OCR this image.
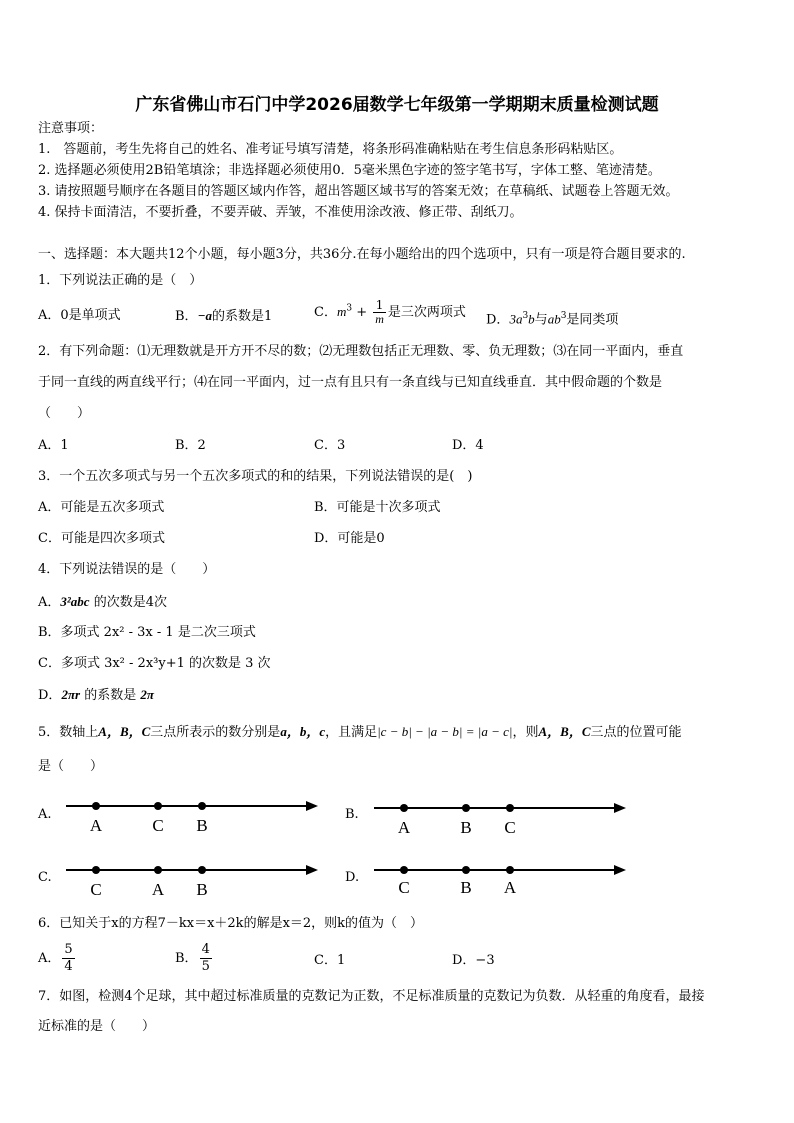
广东省佛山市石门中学2026届数学七年级第一学期期末质量检测试题
注意事项：
1.　答题前，考生先将自己的姓名、准考证号填写清楚，将条形码准确粘贴在考生信息条形码粘贴区。
2. 选择题必须使用2B铅笔填涂；非选择题必须使用0．5毫米黑色字迹的签字笔书写，字体工整、笔迹清楚。
3. 请按照题号顺序在各题目的答题区域内作答，超出答题区域书写的答案无效；在草稿纸、试题卷上答题无效。
4. 保持卡面清洁，不要折叠，不要弄破、弄皱，不准使用涂改液、修正带、刮纸刀。
一、选择题：本大题共12个小题，每小题3分，共36分.在每小题给出的四个选项中，只有一项是符合题目要求的.
1．下列说法正确的是（　）
A．0是单项式	B．−a的系数是1	C．$m^3 + \frac{1}{m}$ 是三次两项式 D．$3a^3b$与$ab^3$是同类项
2．有下列命题：⑴无理数就是开方开不尽的数；⑵无理数包括正无理数、零、负无理数；⑶在同一平面内，垂直
于同一直线的两直线平行；⑷在同一平面内，过一点有且只有一条直线与已知直线垂直．其中假命题的个数是
（　　）
A．1	B．2	C．3	D．4
3．一个五次多项式与另一个五次多项式的和的结果，下列说法错误的是(　)
A．可能是五次多项式	B．可能是十次多项式
C．可能是四次多项式	D．可能是0
4．下列说法错误的是（　　）
A．3²abc 的次数是4次
B．多项式 2x² - 3x - 1 是二次三项式
C．多项式 3x² - 2x³y+1 的次数是 3 次
D．2πr 的系数是 2π
5．数轴上A，B，C三点所表示的数分别是a，b，c，且满足|c − b| − |a − b| = |a − c|，则A，B，C三点的位置可能
是（　　）
A.
A	C B
B.
A	B C
C.
C	A B
D.
C	B A
6．已知关于x的方程7－kx＝x＋2k的解是x＝2，则k的值为（　）
A． $\frac{5}{4}$	B． $\frac{4}{5}$	C．1	D．−3
7．如图，检测4个足球，其中超过标准质量的克数记为正数，不足标准质量的克数记为负数．从轻重的角度看，最接
近标准的是（　　）
